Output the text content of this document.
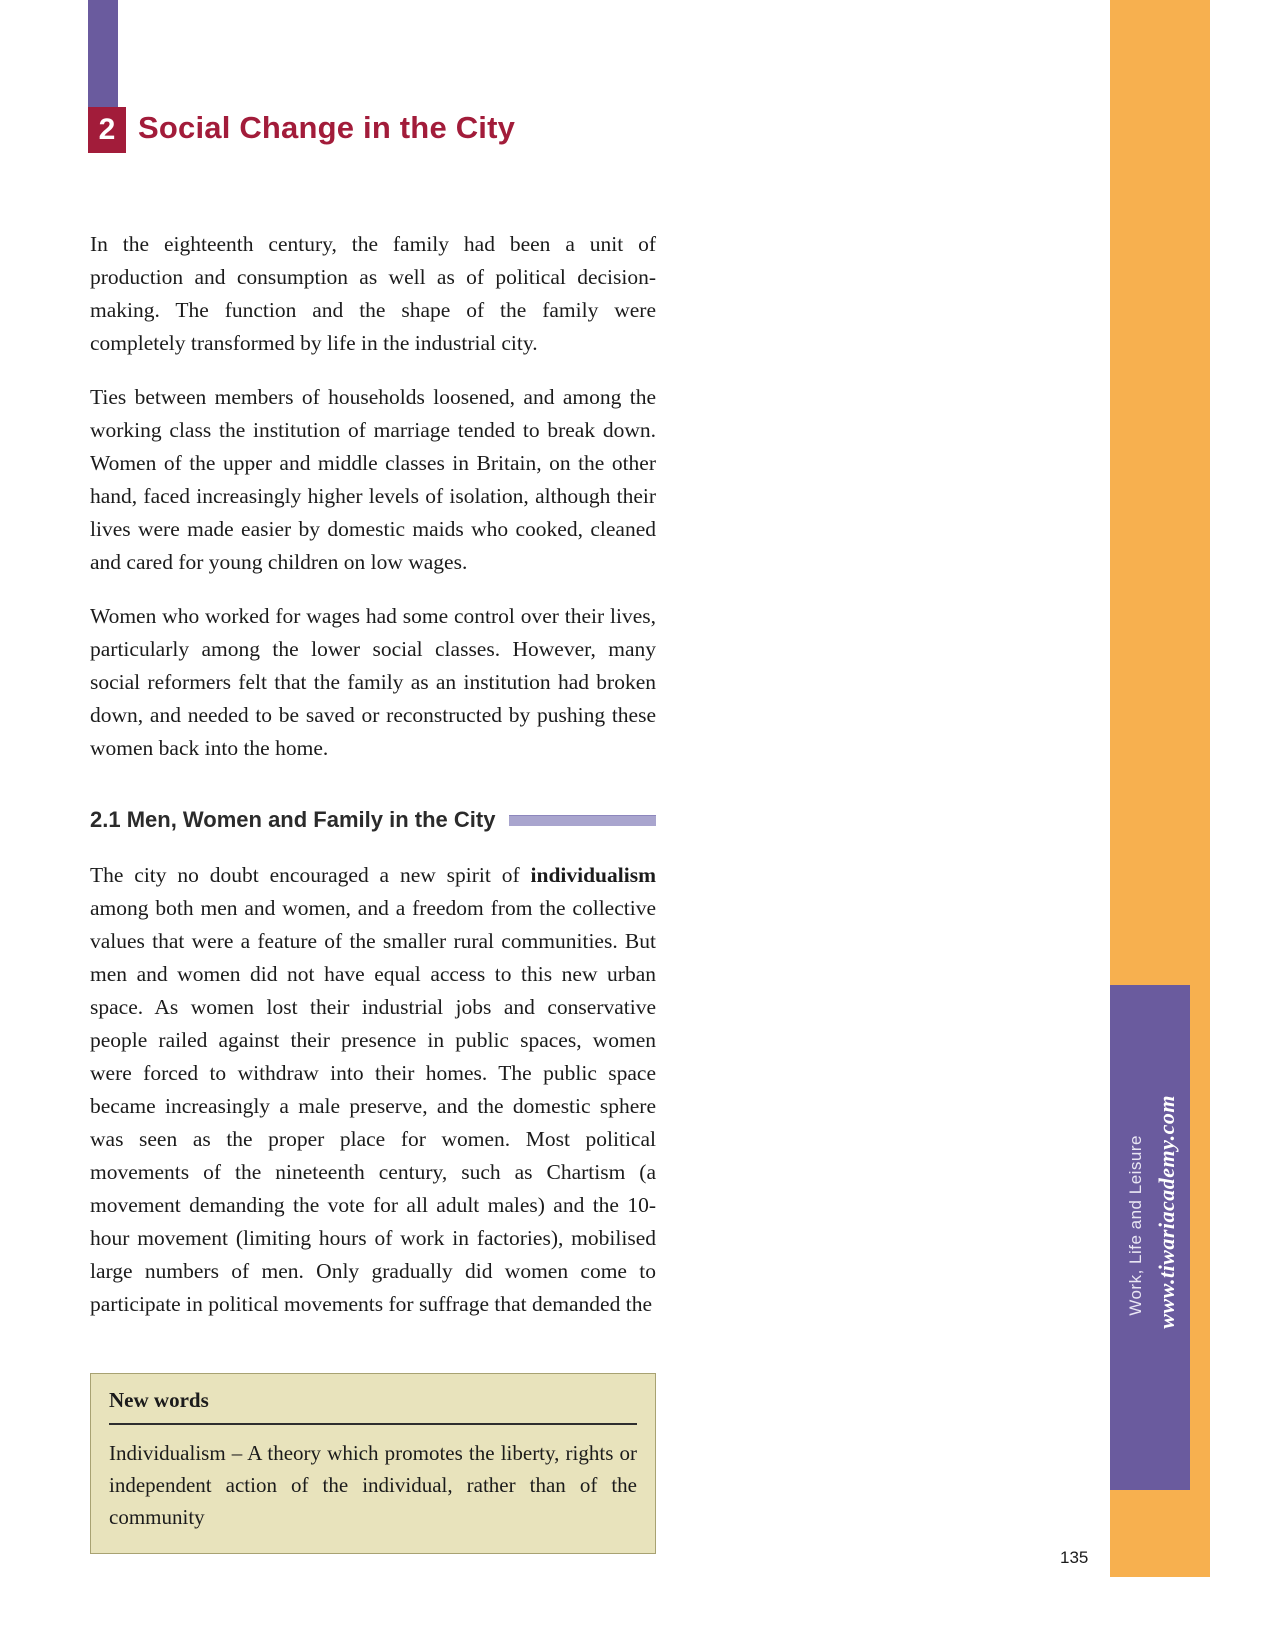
2 Social Change in the City

In the eighteenth century, the family had been a unit of production and consumption as well as of political decision-making. The function and the shape of the family were completely transformed by life in the industrial city.

Ties between members of households loosened, and among the working class the institution of marriage tended to break down. Women of the upper and middle classes in Britain, on the other hand, faced increasingly higher levels of isolation, although their lives were made easier by domestic maids who cooked, cleaned and cared for young children on low wages.

Women who worked for wages had some control over their lives, particularly among the lower social classes. However, many social reformers felt that the family as an institution had broken down, and needed to be saved or reconstructed by pushing these women back into the home.

2.1 Men, Women and Family in the City

The city no doubt encouraged a new spirit of individualism among both men and women, and a freedom from the collective values that were a feature of the smaller rural communities. But men and women did not have equal access to this new urban space. As women lost their industrial jobs and conservative people railed against their presence in public spaces, women were forced to withdraw into their homes. The public space became increasingly a male preserve, and the domestic sphere was seen as the proper place for women. Most political movements of the nineteenth century, such as Chartism (a movement demanding the vote for all adult males) and the 10-hour movement (limiting hours of work in factories), mobilised large numbers of men. Only gradually did women come to participate in political movements for suffrage that demanded the

New words

Individualism – A theory which promotes the liberty, rights or independent action of the individual, rather than of the community

Work, Life and Leisure www.tiwariacademy.com
135
